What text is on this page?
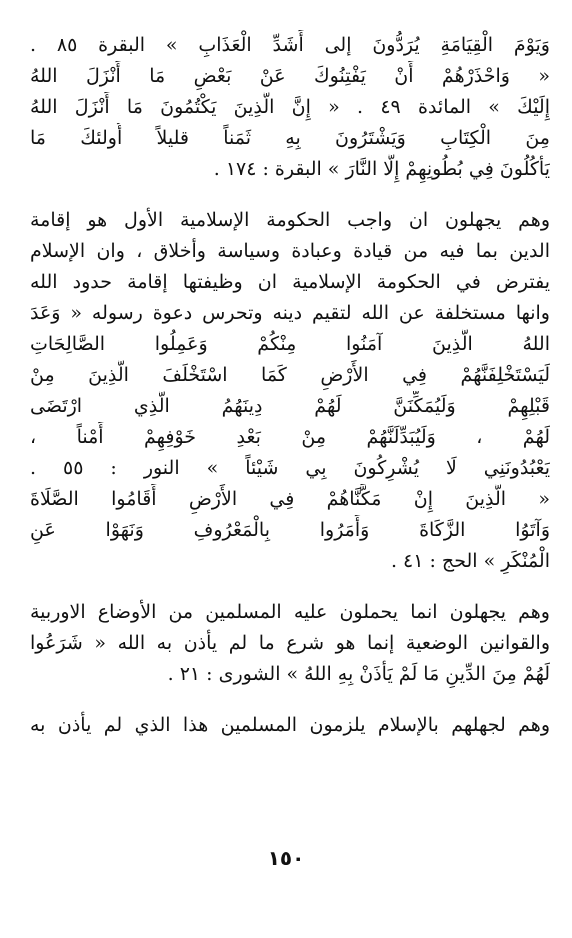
وَيَوْمَ الْقِيَامَةِ يُرَدُّونَ إلى أَشَدِّ الْعَذَابِ » البقرة ٨٥ .
« وَاحْذَرْهُمْ أَنْ يَفْتِنُوكَ عَنْ بَعْضِ مَا أَنْزَلَ اللهُ
إِلَيْكَ » المائدة ٤٩ . « إِنَّ الَّذِينَ يَكْتُمُونَ مَا أَنْزَلَ اللهُ
مِنَ الْكِتَابِ وَيَشْتَرُونَ بِهِ ثَمَناً قليلاً أُولئكَ مَا
يَأْكُلُونَ فِي بُطُونِهِمْ إِلَّا النَّارَ » البقرة : ١٧٤ .
وهم يجهلون ان واجب الحكومة الإسلامية الأول هو إقامة
الدين بما فيه من قيادة وعبادة وسياسة وأخلاق ، وان الإسلام
يفترض في الحكومة الإسلامية ان وظيفتها إقامة حدود الله
وانها مستخلفة عن الله لتقيم دينه وتحرس دعوة رسوله « وَعَدَ
اللهُ الَّذِينَ آمَنُوا مِنْكُمْ وَعَمِلُوا الصَّالِحَاتِ
لَيَسْتَخْلِفَنَّهُمْ فِي الأَرْضِ كَمَا اسْتَخْلَفَ الَّذِينَ مِنْ
قَبْلِهِمْ وَلَيُمَكِّنَنَّ لَهُمْ دِينَهُمُ الَّذِي ارْتَضَى
لَهُمْ ، وَلَيُبَدِّلَنَّهُمْ مِنْ بَعْدِ خَوْفِهِمْ أَمْناً ،
يَعْبُدُونَنِي لَا يُشْرِكُونَ بِي شَيْئاً » النور : ٥٥ .
« الَّذِينَ إِنْ مَكَّنَّاهُمْ فِي الأَرْضِ أَقَامُوا الصَّلَاةَ
وَآتَوُا الزَّكَاةَ وَأَمَرُوا بِالْمَعْرُوفِ وَنَهَوْا عَنِ
الْمُنْكَرِ » الحج : ٤١ .
وهم يجهلون انما يحملون عليه المسلمين من الأوضاع الاوربية
والقوانين الوضعية إنما هو شرع ما لم يأذن به الله « شَرَعُوا
لَهُمْ مِنَ الدِّينِ مَا لَمْ يَأْذَنْ بِهِ اللهُ » الشورى : ٢١ .
وهم لجهلهم بالإسلام يلزمون المسلمين هذا الذي لم يأذن به
١٥٠
